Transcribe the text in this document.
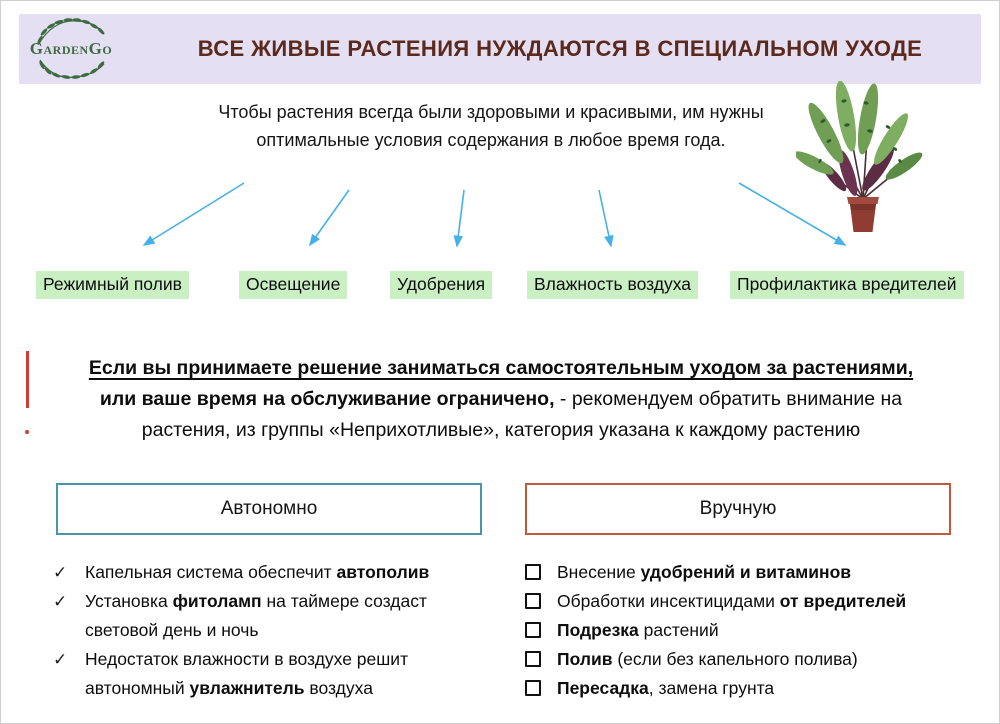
ВСЕ ЖИВЫЕ РАСТЕНИЯ НУЖДАЮТСЯ В СПЕЦИАЛЬНОМ УХОДЕ
GardenGo
Чтобы растения всегда были здоровыми и красивыми, им нужны
оптимальные условия содержания в любое время года.
Режимный полив	Освещение	Удобрения	Влажность воздуха	Профилактика вредителей
Если вы принимаете решение заниматься самостоятельным уходом за растениями,
или ваше время на обслуживание ограничено, - рекомендуем обратить внимание на
растения, из группы «Неприхотливые», категория указана к каждому растению
Автономно	Вручную
✓	Капельная система обеспечит автополив
✓	Установка фитоламп на таймере создаст световой день и ночь
✓	Недостаток влажности в воздухе решит автономный увлажнитель воздуха
Внесение удобрений и витаминов
Обработки инсектицидами от вредителей
Подрезка растений
Полив (если без капельного полива)
Пересадка, замена грунта
